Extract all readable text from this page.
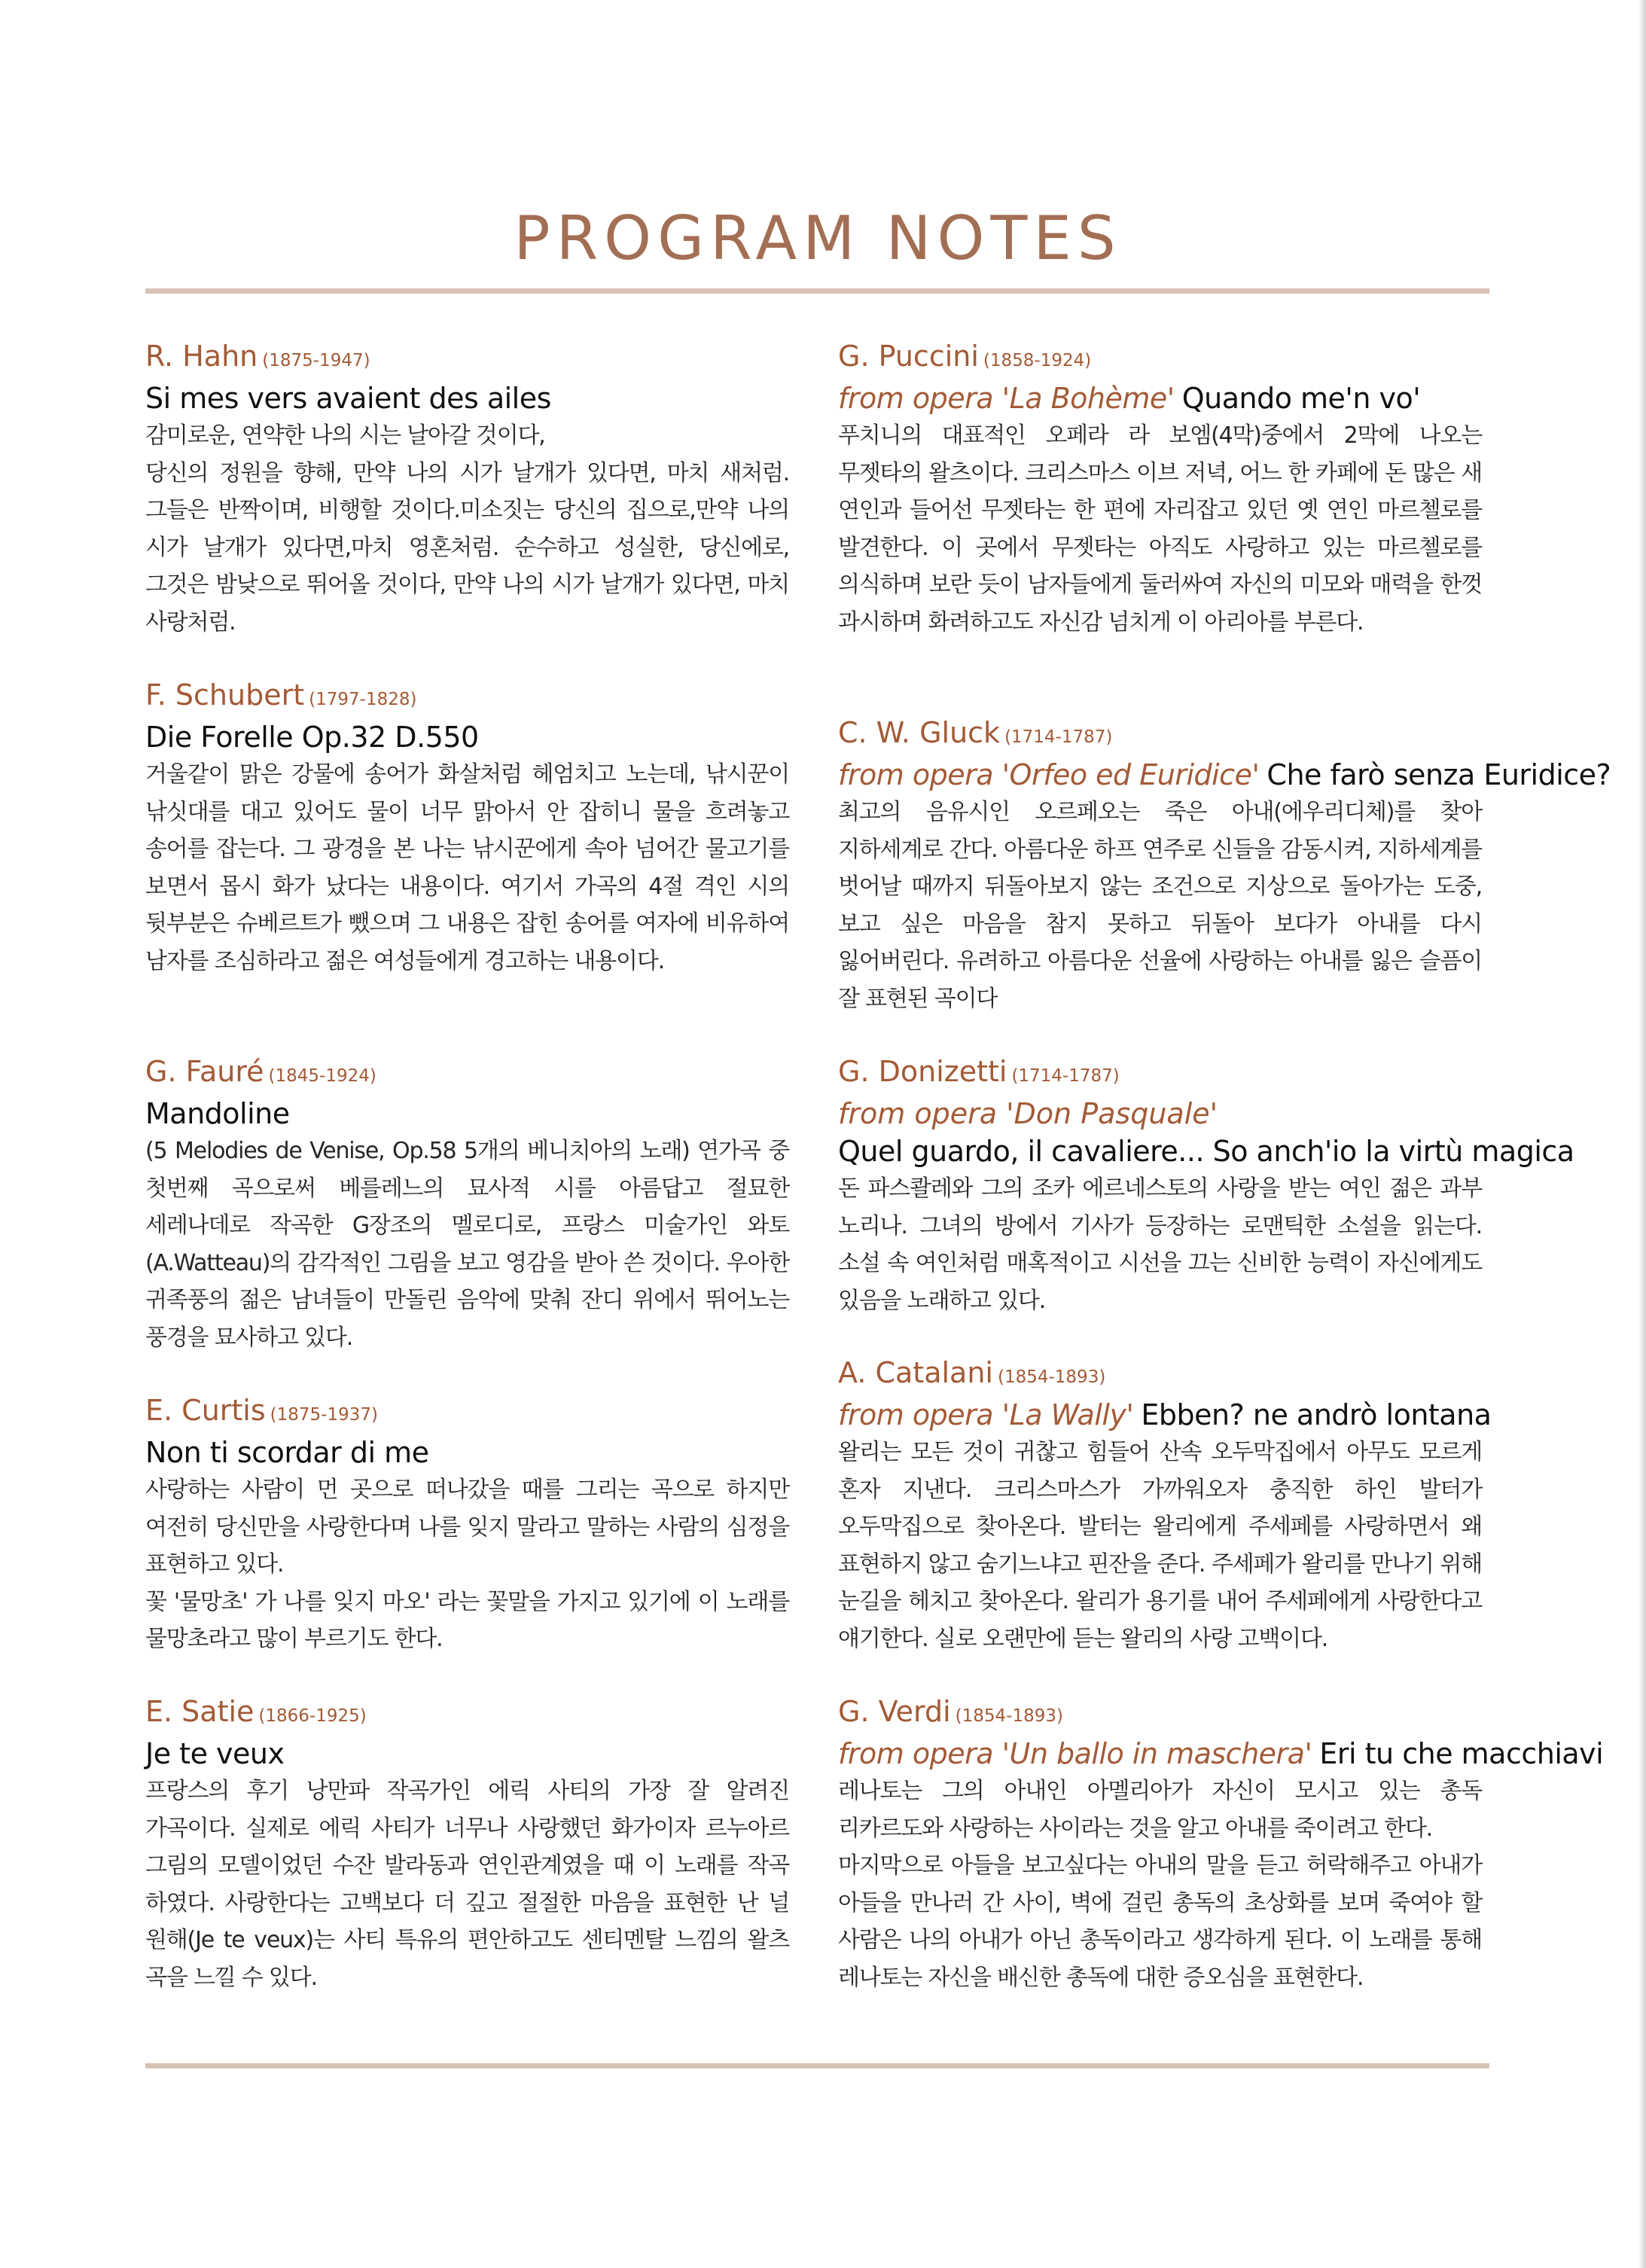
PROGRAM NOTES
R. Hahn (1875-1947)
Si mes vers avaient des ailes

감미로운, 연약한 나의 시는 날아갈 것이다,

당신의 정원을 향해, 만약 나의 시가 날개가 있다면, 마치 새처럼. 그들은 반짝이며, 비행할 것이다.미소짓는 당신의 집으로,만약 나의 시가 날개가 있다면,마치 영혼처럼. 순수하고 성실한, 당신에로, 그것은 밤낮으로 뛰어올 것이다, 만약 나의 시가 날개가 있다면, 마치 사랑처럼.

F. Schubert (1797-1828)
Die Forelle Op.32 D.550

거울같이 맑은 강물에 송어가 화살처럼 헤엄치고 노는데, 낚시꾼이 낚싯대를 대고 있어도 물이 너무 맑아서 안 잡히니 물을 흐려놓고 송어를 잡는다. 그 광경을 본 나는 낚시꾼에게 속아 넘어간 물고기를 보면서 몹시 화가 났다는 내용이다. 여기서 가곡의 4절 격인 시의 뒷부분은 슈베르트가 뺐으며 그 내용은 잡힌 송어를 여자에 비유하여 남자를 조심하라고 젊은 여성들에게 경고하는 내용이다.

G. Fauré (1845-1924)
Mandoline

(5 Melodies de Venise, Op.58 5개의 베니치아의 노래) 연가곡 중 첫번째 곡으로써 베를레느의 묘사적 시를 아름답고 절묘한 세레나데로 작곡한 G장조의 멜로디로, 프랑스 미술가인 와토(A.Watteau)의 감각적인 그림을 보고 영감을 받아 쓴 것이다. 우아한 귀족풍의 젊은 남녀들이 만돌린 음악에 맞춰 잔디 위에서 뛰어노는 풍경을 묘사하고 있다.

E. Curtis (1875-1937)
Non ti scordar di me

사랑하는 사람이 먼 곳으로 떠나갔을 때를 그리는 곡으로 하지만 여전히 당신만을 사랑한다며 나를 잊지 말라고 말하는 사람의 심정을 표현하고 있다.

꽃 '물망초' 가 나를 잊지 마오' 라는 꽃말을 가지고 있기에 이 노래를 물망초라고 많이 부르기도 한다.

E. Satie (1866-1925)
Je te veux

프랑스의 후기 낭만파 작곡가인 에릭 사티의 가장 잘 알려진 가곡이다. 실제로 에릭 사티가 너무나 사랑했던 화가이자 르누아르 그림의 모델이었던 수잔 발라동과 연인관계였을 때 이 노래를 작곡 하였다. 사랑한다는 고백보다 더 깊고 절절한 마음을 표현한 난 널 원해(Je te veux)는 사티 특유의 편안하고도 센티멘탈 느낌의 왈츠 곡을 느낄 수 있다.

G. Puccini (1858-1924)
from opera 'La Bohème' Quando me'n vo'

푸치니의 대표적인 오페라 라 보엠(4막)중에서 2막에 나오는 무젯타의 왈츠이다. 크리스마스 이브 저녁, 어느 한 카페에 돈 많은 새 연인과 들어선 무젯타는 한 편에 자리잡고 있던 옛 연인 마르첼로를 발견한다. 이 곳에서 무젯타는 아직도 사랑하고 있는 마르첼로를 의식하며 보란 듯이 남자들에게 둘러싸여 자신의 미모와 매력을 한껏 과시하며 화려하고도 자신감 넘치게 이 아리아를 부른다.

C. W. Gluck (1714-1787)
from opera 'Orfeo ed Euridice' Che farò senza Euridice?

최고의 음유시인 오르페오는 죽은 아내(에우리디체)를 찾아 지하세계로 간다. 아름다운 하프 연주로 신들을 감동시켜, 지하세계를 벗어날 때까지 뒤돌아보지 않는 조건으로 지상으로 돌아가는 도중, 보고 싶은 마음을 참지 못하고 뒤돌아 보다가 아내를 다시 잃어버린다. 유려하고 아름다운 선율에 사랑하는 아내를 잃은 슬픔이 잘 표현된 곡이다

G. Donizetti (1714-1787)
from opera 'Don Pasquale'
Quel guardo, il cavaliere... So anch'io la virtù magica

돈 파스콸레와 그의 조카 에르네스토의 사랑을 받는 여인 젊은 과부 노리나. 그녀의 방에서 기사가 등장하는 로맨틱한 소설을 읽는다. 소설 속 여인처럼 매혹적이고 시선을 끄는 신비한 능력이 자신에게도 있음을 노래하고 있다.

A. Catalani (1854-1893)
from opera 'La Wally' Ebben? ne andrò lontana

왈리는 모든 것이 귀찮고 힘들어 산속 오두막집에서 아무도 모르게 혼자 지낸다. 크리스마스가 가까워오자 충직한 하인 발터가 오두막집으로 찾아온다. 발터는 왈리에게 주세페를 사랑하면서 왜 표현하지 않고 숨기느냐고 핀잔을 준다. 주세페가 왈리를 만나기 위해 눈길을 헤치고 찾아온다. 왈리가 용기를 내어 주세페에게 사랑한다고 얘기한다. 실로 오랜만에 듣는 왈리의 사랑 고백이다.

G. Verdi (1854-1893)
from opera 'Un ballo in maschera' Eri tu che macchiavi

레나토는 그의 아내인 아멜리아가 자신이 모시고 있는 총독 리카르도와 사랑하는 사이라는 것을 알고 아내를 죽이려고 한다.

마지막으로 아들을 보고싶다는 아내의 말을 듣고 허락해주고 아내가 아들을 만나러 간 사이, 벽에 걸린 총독의 초상화를 보며 죽여야 할 사람은 나의 아내가 아닌 총독이라고 생각하게 된다. 이 노래를 통해 레나토는 자신을 배신한 총독에 대한 증오심을 표현한다.
